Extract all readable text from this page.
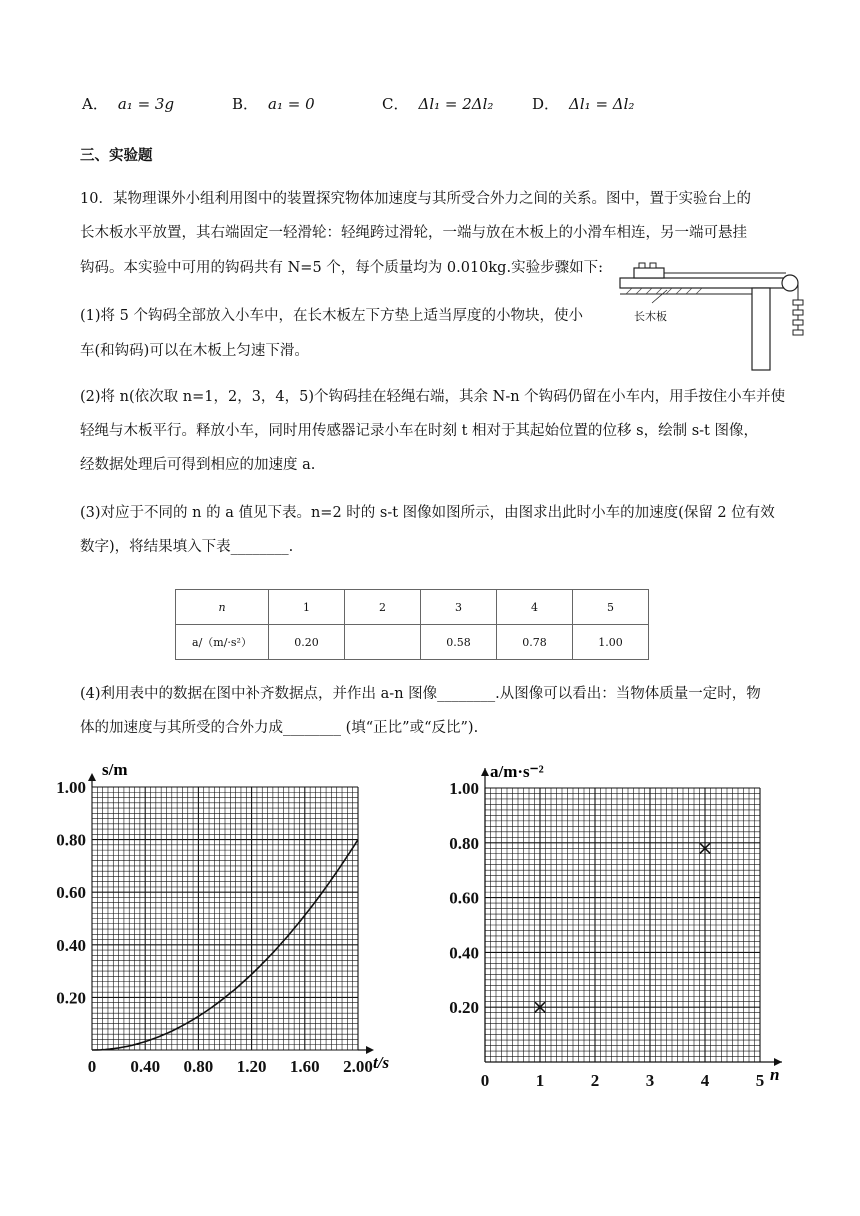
A． a₁ = 3g	B． a₁ = 0	C． Δl₁ = 2Δl₂	D． Δl₁ = Δl₂
三、实验题
10．某物理课外小组利用图中的装置探究物体加速度与其所受合外力之间的关系。图中，置于实验台上的
长木板水平放置，其右端固定一轻滑轮：轻绳跨过滑轮，一端与放在木板上的小滑车相连，另一端可悬挂
钩码。本实验中可用的钩码共有 N=5 个，每个质量均为 0.010kg.实验步骤如下:
(1)将 5 个钩码全部放入小车中，在长木板左下方垫上适当厚度的小物块，使小
车(和钩码)可以在木板上匀速下滑。
(2)将 n(依次取 n=1，2，3，4，5)个钩码挂在轻绳右端，其余 N-n 个钩码仍留在小车内，用手按住小车并使
轻绳与木板平行。释放小车，同时用传感器记录小车在时刻 t 相对于其起始位置的位移 s，绘制 s-t 图像，
经数据处理后可得到相应的加速度 a.
(3)对应于不同的 n 的 a 值见下表。n=2 时的 s-t 图像如图所示，由图求出此时小车的加速度(保留 2 位有效
数字)，将结果填入下表________.
(4)利用表中的数据在图中补齐数据点，并作出 a-n 图像________.从图像可以看出：当物体质量一定时，物
体的加速度与其所受的合外力成________ (填“正比”或“反比”).
长木板
n	1	2	3	4	5
a/（m/·s²）	0.20		0.58	0.78	1.00
0 0.40 0.80 1.20 1.60 2.00
0.20
0.40
0.60
0.80
1.00
s/m
t/s
0	1	2	3	4	5
0.20
0.40
0.60
0.80
1.00
a/m·s⁻²
n
